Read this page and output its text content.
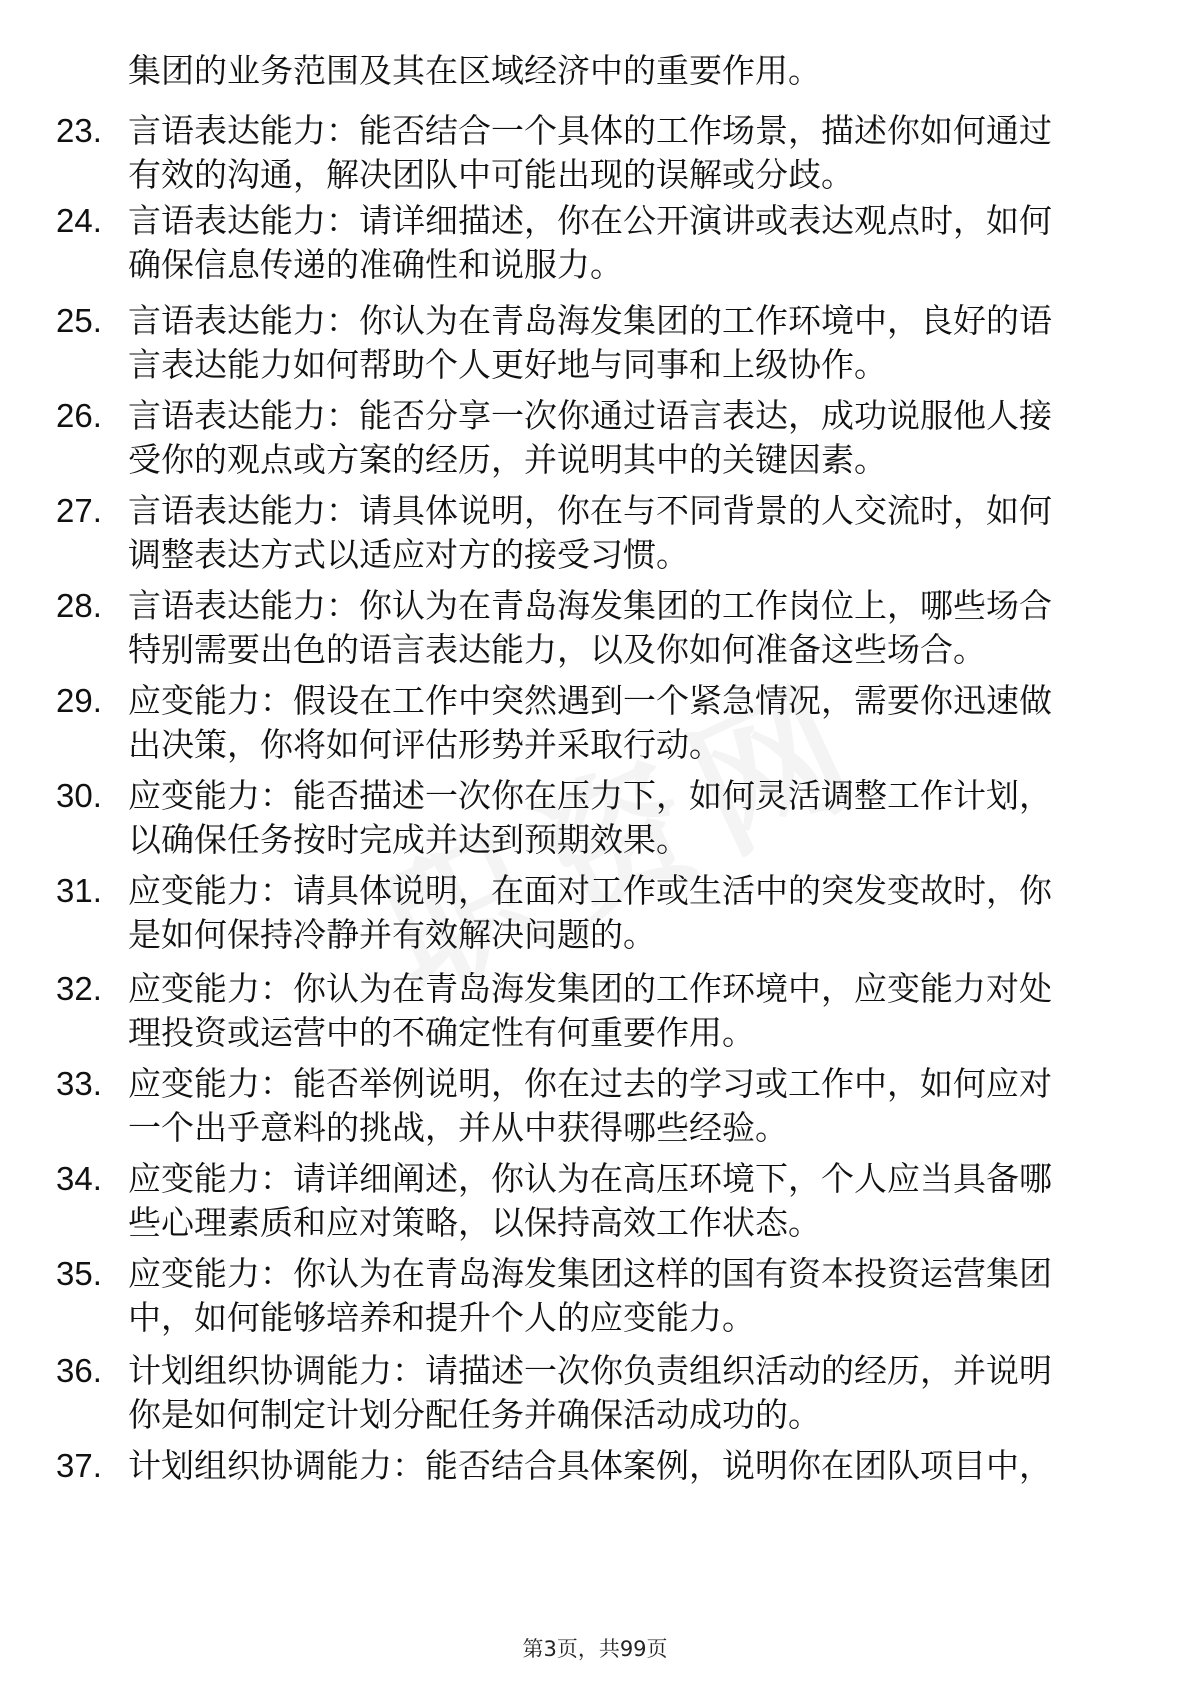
集团的业务范围及其在区域经济中的重要作用。
23. 言语表达能力：能否结合一个具体的工作场景，描述你如何通过
有效的沟通，解决团队中可能出现的误解或分歧。
24. 言语表达能力：请详细描述，你在公开演讲或表达观点时，如何
确保信息传递的准确性和说服力。
25. 言语表达能力：你认为在青岛海发集团的工作环境中，良好的语
言表达能力如何帮助个人更好地与同事和上级协作。
26. 言语表达能力：能否分享一次你通过语言表达，成功说服他人接
受你的观点或方案的经历，并说明其中的关键因素。
27. 言语表达能力：请具体说明，你在与不同背景的人交流时，如何
调整表达方式以适应对方的接受习惯。
28. 言语表达能力：你认为在青岛海发集团的工作岗位上，哪些场合
特别需要出色的语言表达能力，以及你如何准备这些场合。
29. 应变能力：假设在工作中突然遇到一个紧急情况，需要你迅速做
出决策，你将如何评估形势并采取行动。
30. 应变能力：能否描述一次你在压力下，如何灵活调整工作计划，
以确保任务按时完成并达到预期效果。
31. 应变能力：请具体说明，在面对工作或生活中的突发变故时，你
是如何保持冷静并有效解决问题的。
32. 应变能力：你认为在青岛海发集团的工作环境中，应变能力对处
理投资或运营中的不确定性有何重要作用。
33. 应变能力：能否举例说明，你在过去的学习或工作中，如何应对
一个出乎意料的挑战，并从中获得哪些经验。
34. 应变能力：请详细阐述，你认为在高压环境下，个人应当具备哪
些心理素质和应对策略，以保持高效工作状态。
35. 应变能力：你认为在青岛海发集团这样的国有资本投资运营集团
中，如何能够培养和提升个人的应变能力。
36. 计划组织协调能力：请描述一次你负责组织活动的经历，并说明
你是如何制定计划分配任务并确保活动成功的。
37. 计划组织协调能力：能否结合具体案例，说明你在团队项目中，
第3页，共99页
